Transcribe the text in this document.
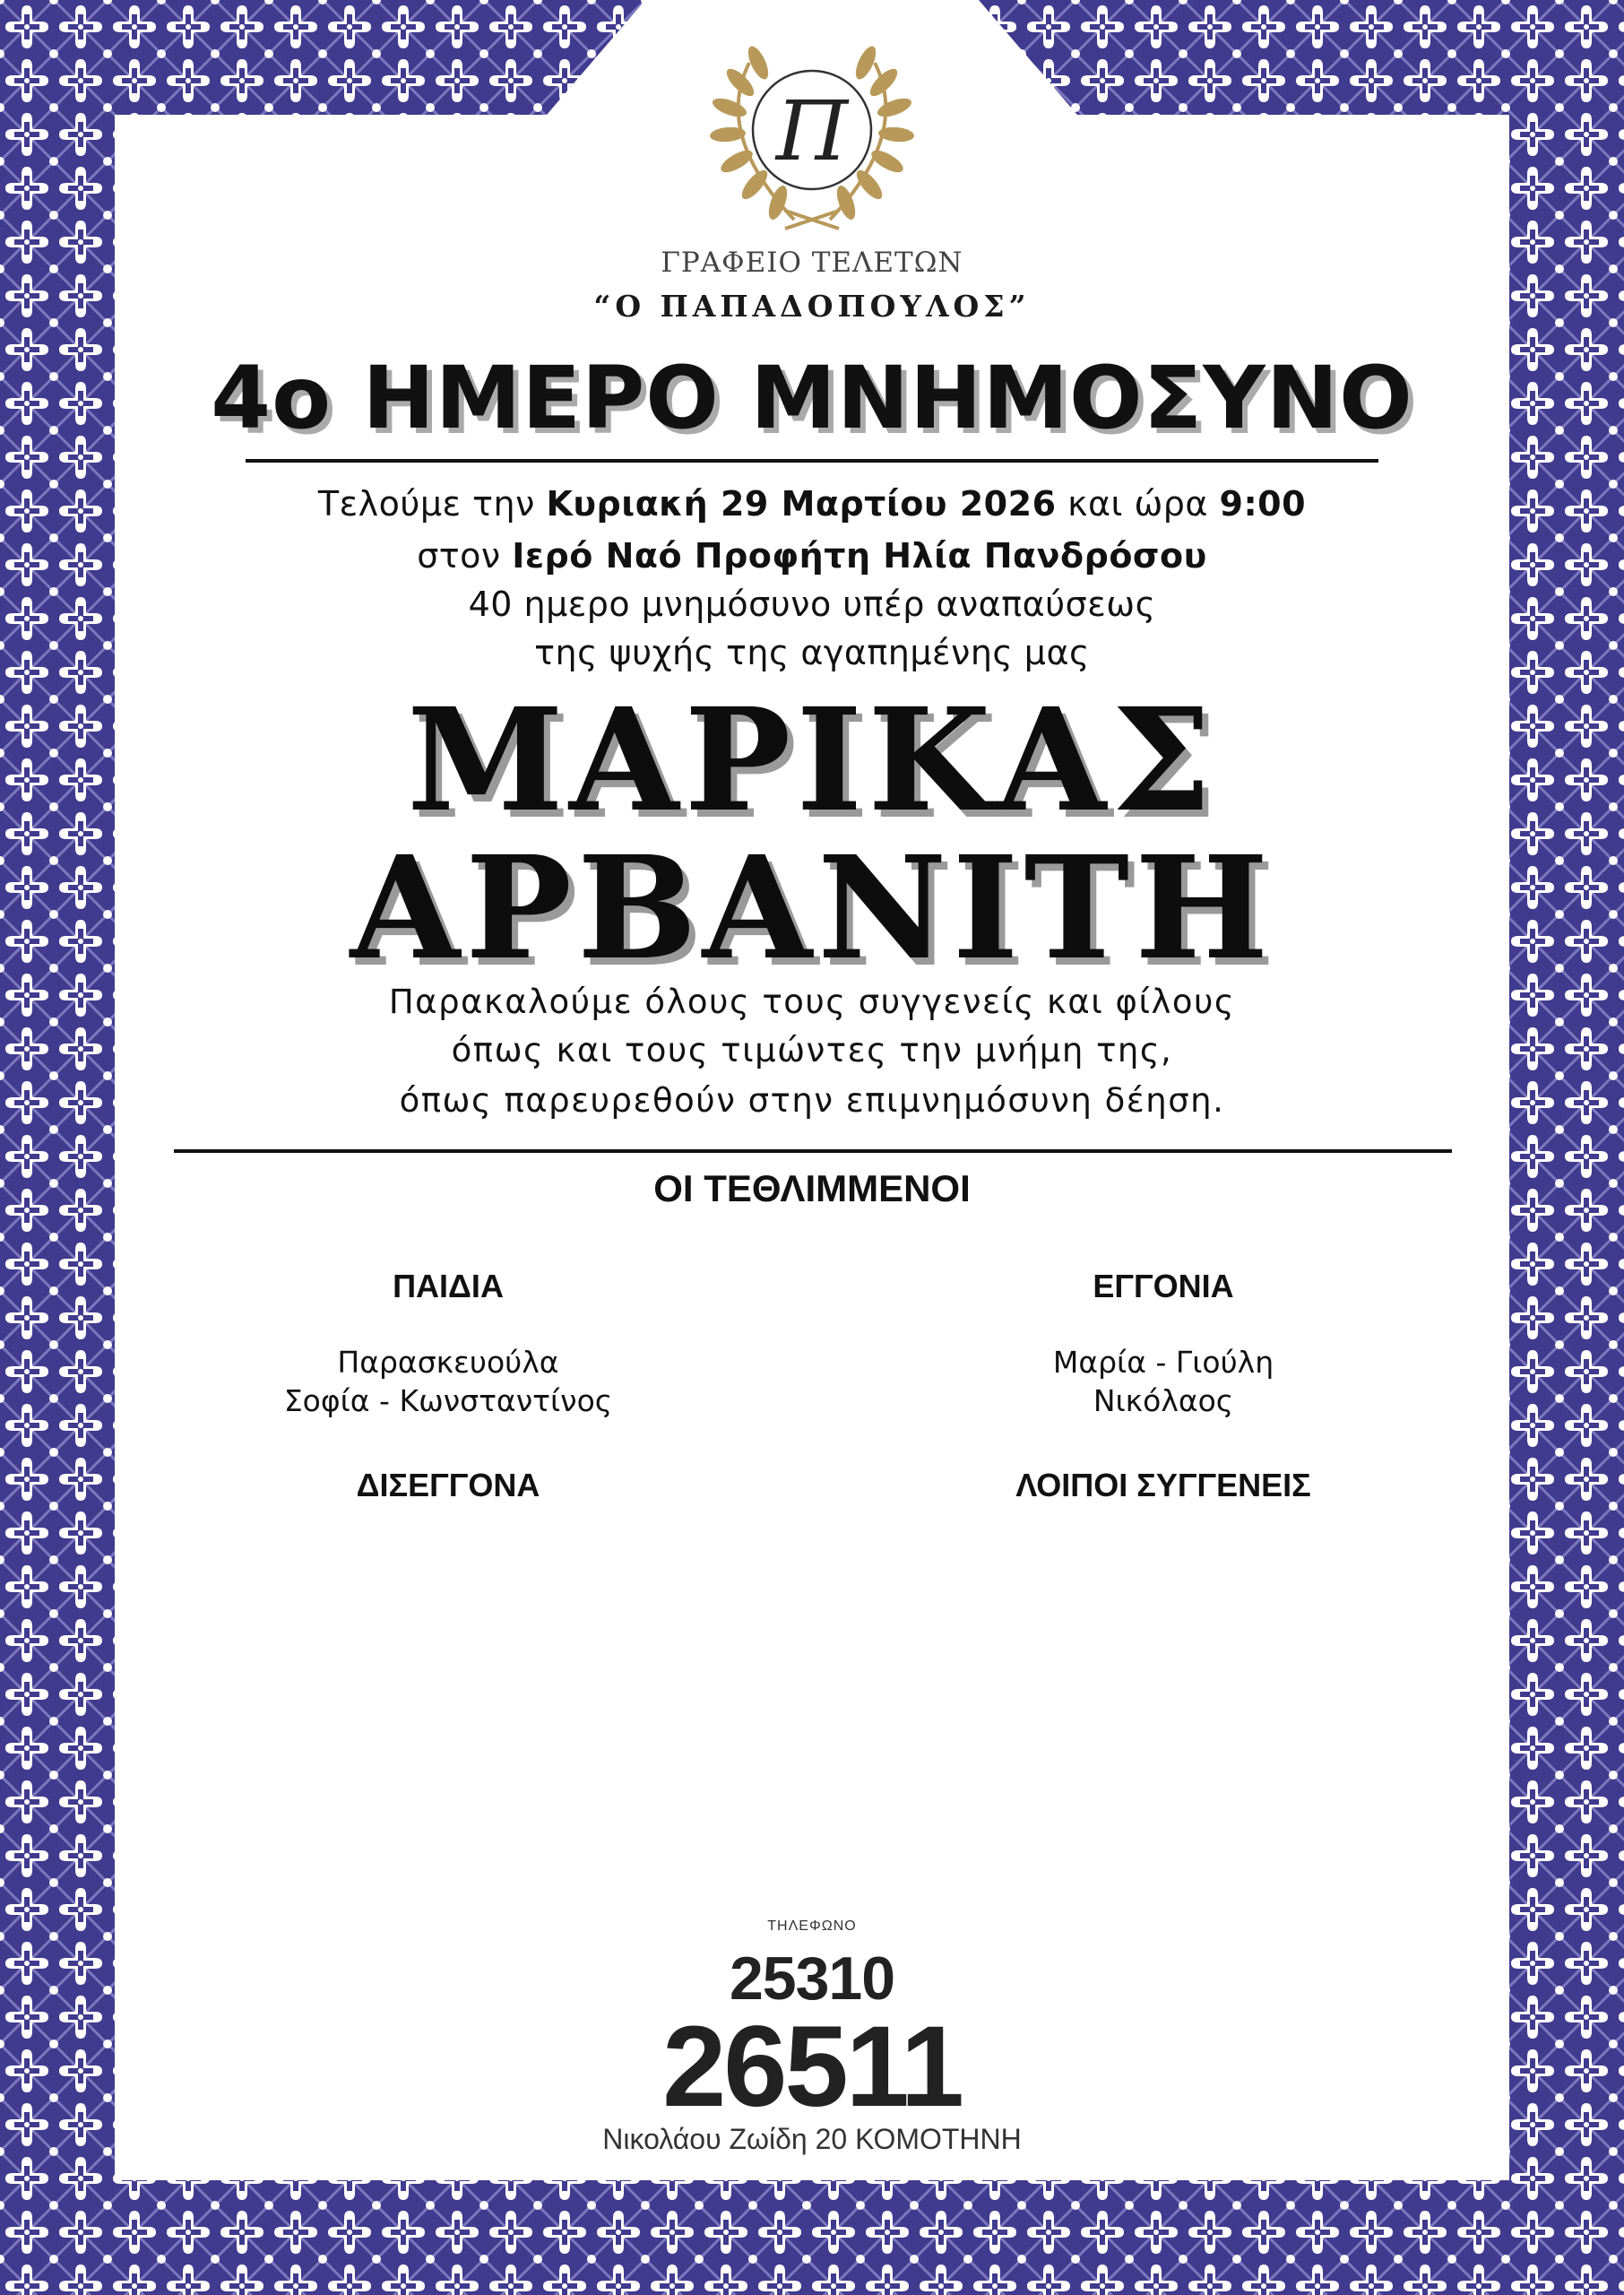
Π
ΓΡΑΦΕΙΟ ΤΕΛΕΤΩΝ
“Ο ΠΑΠΑΔΟΠΟΥΛΟΣ”
4ο ΗΜΕΡΟ ΜΝΗΜΟΣΥΝΟ
Τελούμε την Κυριακή 29 Μαρτίου 2026 και ώρα 9:00
στον Ιερό Ναό Προφήτη Ηλία Πανδρόσου
40 ημερο μνημόσυνο υπέρ αναπαύσεως
της ψυχής της αγαπημένης μας
ΜΑΡΙΚΑΣ
ΑΡΒΑΝΙΤΗ
Παρακαλούμε όλους τους συγγενείς και φίλους
όπως και τους τιμώντες την μνήμη της,
όπως παρευρεθούν στην επιμνημόσυνη δέηση.
ΟΙ ΤΕΘΛΙΜΜΕΝΟΙ
ΠΑΙΔΙΑ
Παρασκευούλα
Σοφία - Κωνσταντίνος
ΕΓΓΟΝΙΑ
Μαρία - Γιούλη
Νικόλαος
ΔΙΣΕΓΓΟΝΑ	ΛΟΙΠΟΙ ΣΥΓΓΕΝΕΙΣ
ΤΗΛΕΦΩΝΟ
25310
26511
Νικολάου Ζωίδη 20 ΚΟΜΟΤΗΝΗ
